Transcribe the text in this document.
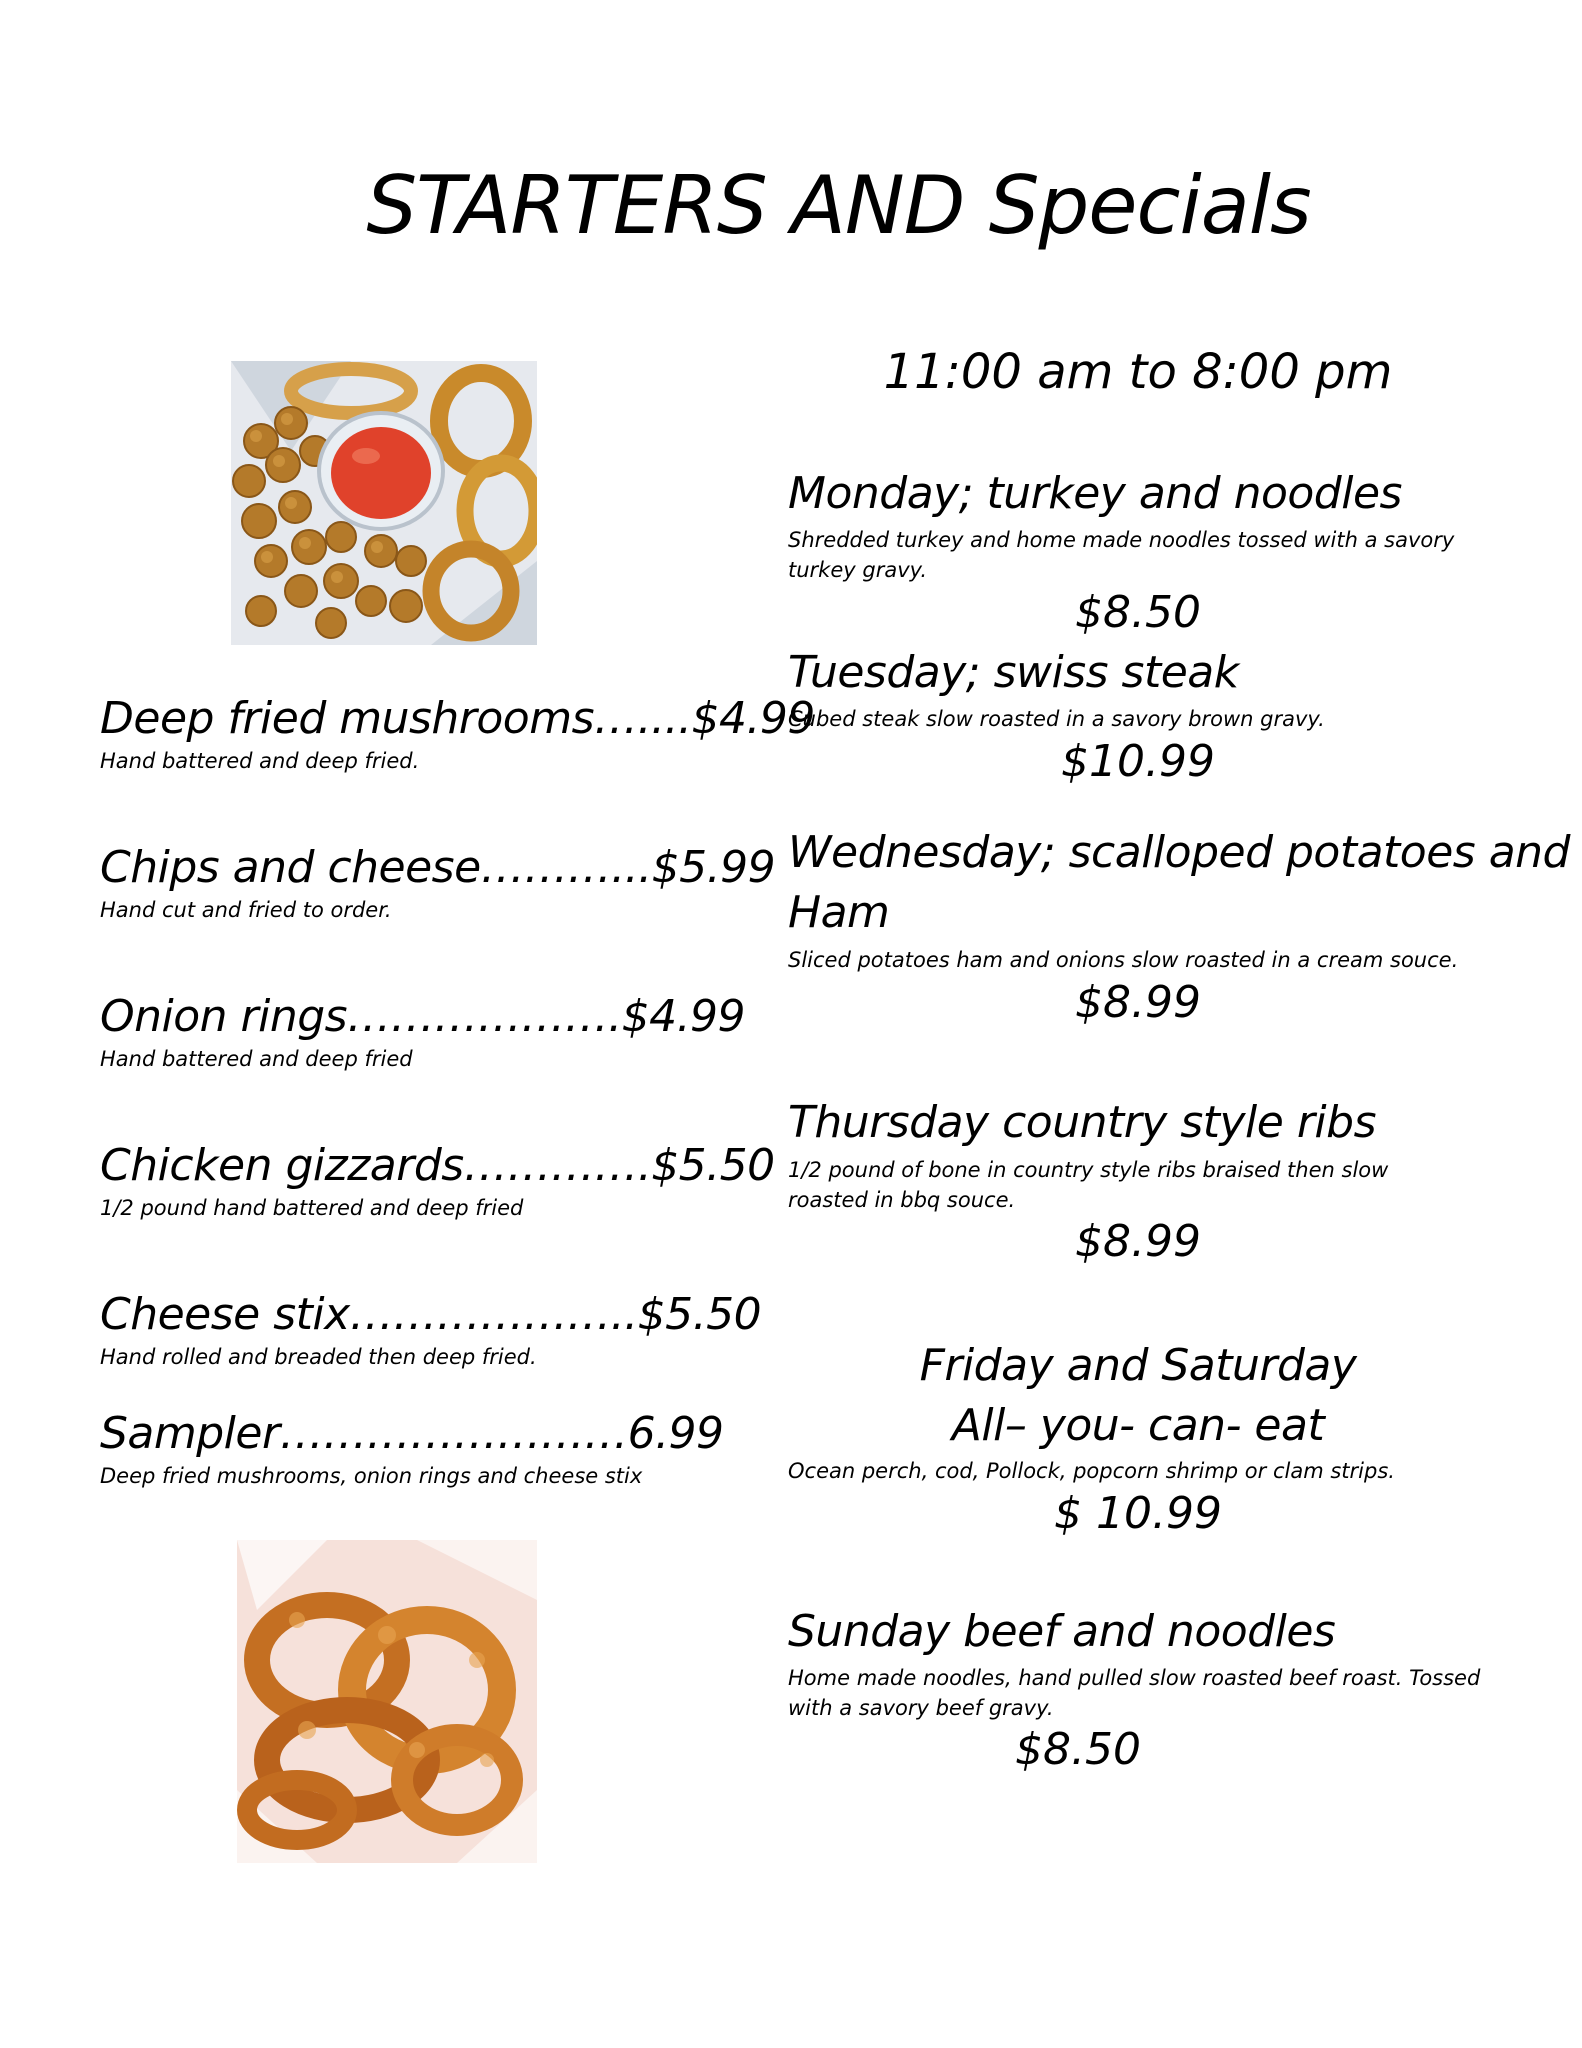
STARTERS AND Specials
Deep fried mushrooms…....$4.99
Hand battered and deep fried.
Chips and cheese………...$5.99
Hand cut and fried to order.
Onion rings……………….$4.99
Hand battered and deep fried
Chicken gizzards………….$5.50
1/2 pound hand battered and deep fried
Cheese stix………………..$5.50
Hand rolled and breaded then deep fried.
Sampler……………………6.99
Deep fried mushrooms, onion rings and cheese stix
11:00 am to 8:00 pm
Monday; turkey and noodles
Shredded turkey and home made noodles tossed with a savory turkey gravy.
$8.50
Tuesday; swiss steak
Cubed steak slow roasted in a savory brown gravy.
$10.99
Wednesday; scalloped potatoes and
Ham
Sliced potatoes ham and onions slow roasted in a cream souce.
$8.99
Thursday country style ribs
1/2 pound of bone in country style ribs braised then slow roasted in bbq souce.
$8.99
Friday and Saturday
All– you- can- eat
Ocean perch, cod, Pollock, popcorn shrimp or clam strips.
$ 10.99
Sunday beef and noodles
Home made noodles, hand pulled slow roasted beef roast. Tossed with a savory beef gravy.
$8.50
